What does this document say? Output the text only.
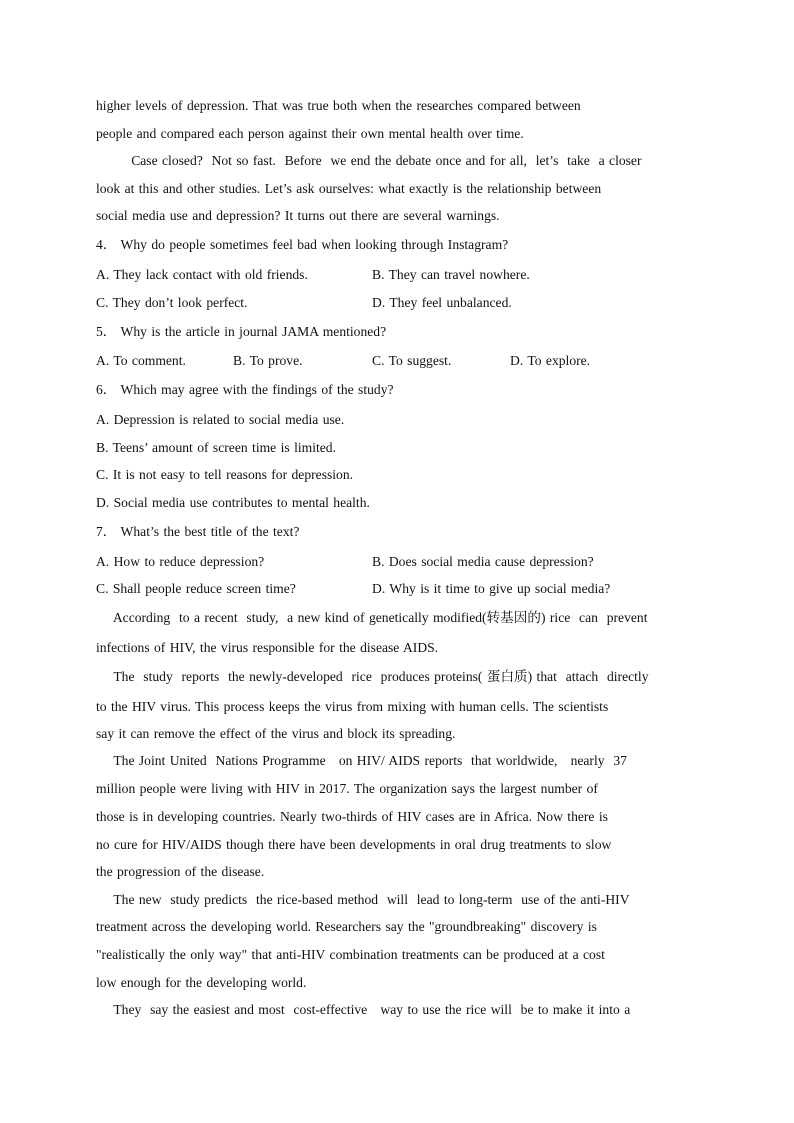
higher levels of depression. That was true both when the researches compared between
people and compared each person against their own mental health over time.
Case closed?  Not so fast.  Before  we end the debate once and for all,  let’s  take  a closer
look at this and other studies. Let’s ask ourselves: what exactly is the relationship between
social media use and depression? It turns out there are several warnings.
4． Why do people sometimes feel bad when looking through Instagram?
A. They lack contact with old friends.	B. They can travel nowhere.
C. They don’t look perfect.	D. They feel unbalanced.
5． Why is the article in journal JAMA mentioned?
A. To comment.	B. To prove.	C. To suggest.	D. To explore.
6． Which may agree with the findings of the study?
A. Depression is related to social media use.
B. Teens’ amount of screen time is limited.
C. It is not easy to tell reasons for depression.
D. Social media use contributes to mental health.
7． What’s the best title of the text?
A. How to reduce depression?	B. Does social media cause depression?
C. Shall people reduce screen time?	D. Why is it time to give up social media?
According  to a recent  study,  a new kind of genetically modified(转基因的) rice  can  prevent
infections of HIV, the virus responsible for the disease AIDS.
The  study  reports  the newly-developed  rice  produces proteins( 蛋白质) that  attach  directly
to the HIV virus. This process keeps the virus from mixing with human cells. The scientists
say it can remove the effect of the virus and block its spreading.
The Joint United  Nations Programme   on HIV/ AIDS reports  that worldwide,   nearly  37
million people were living with HIV in 2017. The organization says the largest number of
those is in developing countries. Nearly two-thirds of HIV cases are in Africa. Now there is
no cure for HIV/AIDS though there have been developments in oral drug treatments to slow
the progression of the disease.
The new  study predicts  the rice-based method  will  lead to long-term  use of the anti-HIV
treatment across the developing world. Researchers say the "groundbreaking" discovery is
"realistically the only way" that anti-HIV combination treatments can be produced at a cost
low enough for the developing world.
They  say the easiest and most  cost-effective   way to use the rice will  be to make it into a
